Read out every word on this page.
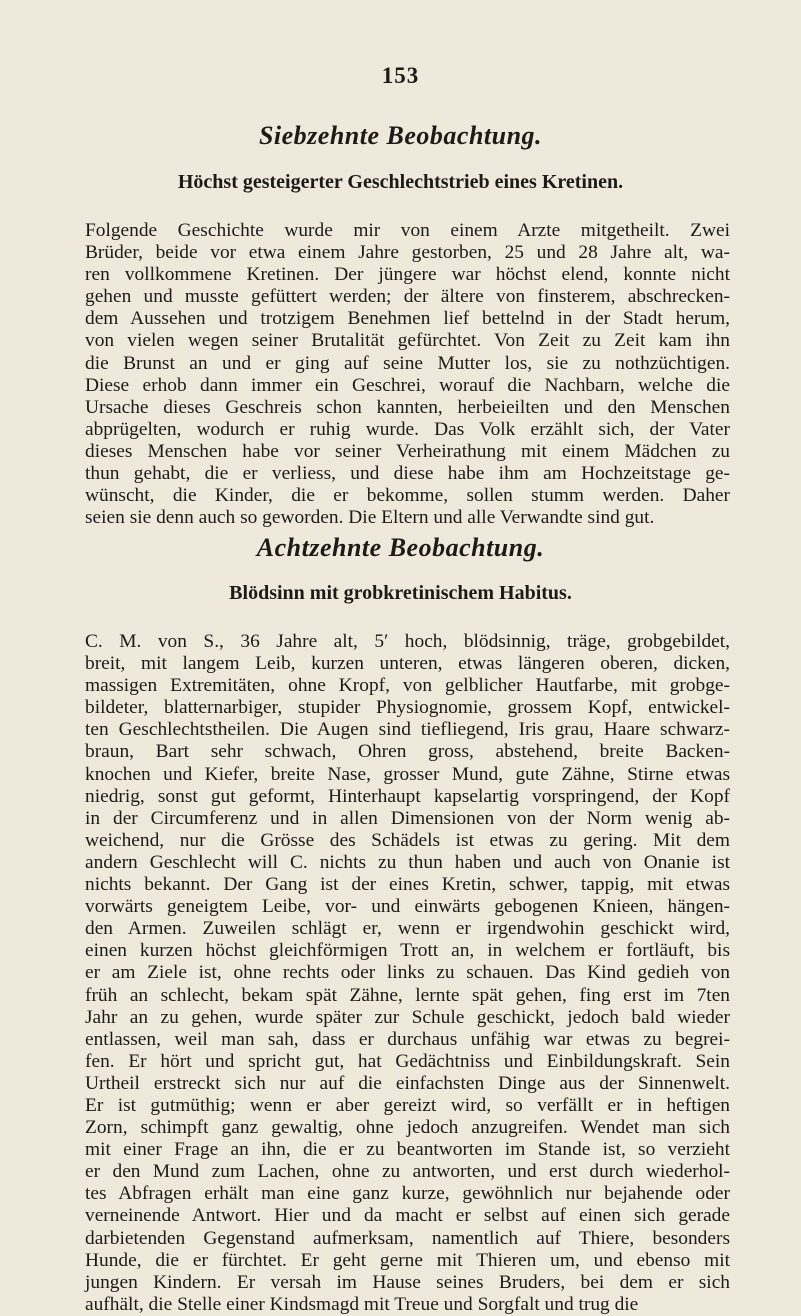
153
Siebzehnte Beobachtung.
Höchst gesteigerter Geschlechtstrieb eines Kretinen.
Folgende Geschichte wurde mir von einem Arzte mitgetheilt. Zwei
Brüder, beide vor etwa einem Jahre gestorben, 25 und 28 Jahre alt, wa-
ren vollkommene Kretinen. Der jüngere war höchst elend, konnte nicht
gehen und musste gefüttert werden; der ältere von finsterem, abschrecken-
dem Aussehen und trotzigem Benehmen lief bettelnd in der Stadt herum,
von vielen wegen seiner Brutalität gefürchtet. Von Zeit zu Zeit kam ihn
die Brunst an und er ging auf seine Mutter los, sie zu nothzüchtigen.
Diese erhob dann immer ein Geschrei, worauf die Nachbarn, welche die
Ursache dieses Geschreis schon kannten, herbeieilten und den Menschen
abprügelten, wodurch er ruhig wurde. Das Volk erzählt sich, der Vater
dieses Menschen habe vor seiner Verheirathung mit einem Mädchen zu
thun gehabt, die er verliess, und diese habe ihm am Hochzeitstage ge-
wünscht, die Kinder, die er bekomme, sollen stumm werden. Daher
seien sie denn auch so geworden. Die Eltern und alle Verwandte sind gut.
Achtzehnte Beobachtung.
Blödsinn mit grobkretinischem Habitus.
C. M. von S., 36 Jahre alt, 5′ hoch, blödsinnig, träge, grobgebildet,
breit, mit langem Leib, kurzen unteren, etwas längeren oberen, dicken,
massigen Extremitäten, ohne Kropf, von gelblicher Hautfarbe, mit grobge-
bildeter, blatternarbiger, stupider Physiognomie, grossem Kopf, entwickel-
ten Geschlechtstheilen. Die Augen sind tiefliegend, Iris grau, Haare schwarz-
braun, Bart sehr schwach, Ohren gross, abstehend, breite Backen-
knochen und Kiefer, breite Nase, grosser Mund, gute Zähne, Stirne etwas
niedrig, sonst gut geformt, Hinterhaupt kapselartig vorspringend, der Kopf
in der Circumferenz und in allen Dimensionen von der Norm wenig ab-
weichend, nur die Grösse des Schädels ist etwas zu gering. Mit dem
andern Geschlecht will C. nichts zu thun haben und auch von Onanie ist
nichts bekannt. Der Gang ist der eines Kretin, schwer, tappig, mit etwas
vorwärts geneigtem Leibe, vor- und einwärts gebogenen Knieen, hängen-
den Armen. Zuweilen schlägt er, wenn er irgendwohin geschickt wird,
einen kurzen höchst gleichförmigen Trott an, in welchem er fortläuft, bis
er am Ziele ist, ohne rechts oder links zu schauen. Das Kind gedieh von
früh an schlecht, bekam spät Zähne, lernte spät gehen, fing erst im 7ten
Jahr an zu gehen, wurde später zur Schule geschickt, jedoch bald wieder
entlassen, weil man sah, dass er durchaus unfähig war etwas zu begrei-
fen. Er hört und spricht gut, hat Gedächtniss und Einbildungskraft. Sein
Urtheil erstreckt sich nur auf die einfachsten Dinge aus der Sinnenwelt.
Er ist gutmüthig; wenn er aber gereizt wird, so verfällt er in heftigen
Zorn, schimpft ganz gewaltig, ohne jedoch anzugreifen. Wendet man sich
mit einer Frage an ihn, die er zu beantworten im Stande ist, so verzieht
er den Mund zum Lachen, ohne zu antworten, und erst durch wiederhol-
tes Abfragen erhält man eine ganz kurze, gewöhnlich nur bejahende oder
verneinende Antwort. Hier und da macht er selbst auf einen sich gerade
darbietenden Gegenstand aufmerksam, namentlich auf Thiere, besonders
Hunde, die er fürchtet. Er geht gerne mit Thieren um, und ebenso mit
jungen Kindern. Er versah im Hause seines Bruders, bei dem er sich
aufhält, die Stelle einer Kindsmagd mit Treue und Sorgfalt und trug die
